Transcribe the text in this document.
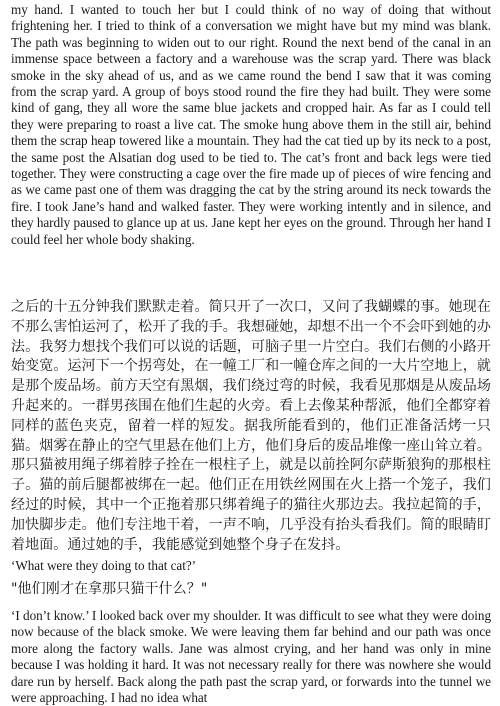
my hand. I wanted to touch her but I could think of no way of doing that without frightening her. I tried to think of a conversation we might have but my mind was blank. The path was beginning to widen out to our right. Round the next bend of the canal in an immense space between a factory and a warehouse was the scrap yard. There was black smoke in the sky ahead of us, and as we came round the bend I saw that it was coming from the scrap yard. A group of boys stood round the fire they had built. They were some kind of gang, they all wore the same blue jackets and cropped hair. As far as I could tell they were preparing to roast a live cat. The smoke hung above them in the still air, behind them the scrap heap towered like a mountain. They had the cat tied up by its neck to a post, the same post the Alsatian dog used to be tied to. The cat’s front and back legs were tied together. They were constructing a cage over the fire made up of pieces of wire fencing and as we came past one of them was dragging the cat by the string around its neck towards the fire. I took Jane’s hand and walked faster. They were working intently and in silence, and they hardly paused to glance up at us. Jane kept her eyes on the ground. Through her hand I could feel her whole body shaking.

之后的十五分钟我们默默走着。简只开了一次口，又问了我蝴蝶的事。她现在不那么害怕运河了，松开了我的手。我想碰她，却想不出一个不会吓到她的办法。我努力想找个我们可以说的话题，可脑子里一片空白。我们右侧的小路开始变宽。运河下一个拐弯处，在一幢工厂和一幢仓库之间的一大片空地上，就是那个废品场。前方天空有黑烟，我们绕过弯的时候，我看见那烟是从废品场升起来的。一群男孩围在他们生起的火旁。看上去像某种帮派，他们全都穿着同样的蓝色夹克，留着一样的短发。据我所能看到的，他们正准备活烤一只猫。烟雾在静止的空气里悬在他们上方，他们身后的废品堆像一座山耸立着。那只猫被用绳子绑着脖子拴在一根柱子上，就是以前拴阿尔萨斯狼狗的那根柱子。猫的前后腿都被绑在一起。他们正在用铁丝网围在火上搭一个笼子，我们经过的时候，其中一个正拖着那只绑着绳子的猫往火那边去。我拉起简的手，加快脚步走。他们专注地干着，一声不响，几乎没有抬头看我们。简的眼睛盯着地面。通过她的手，我能感觉到她整个身子在发抖。

‘What were they doing to that cat?’

"他们刚才在拿那只猫干什么？"

‘I don’t know.’ I looked back over my shoulder. It was difficult to see what they were doing now because of the black smoke. We were leaving them far behind and our path was once more along the factory walls. Jane was almost crying, and her hand was only in mine because I was holding it hard. It was not necessary really for there was nowhere she would dare run by herself. Back along the path past the scrap yard, or forwards into the tunnel we were approaching. I had no idea what
